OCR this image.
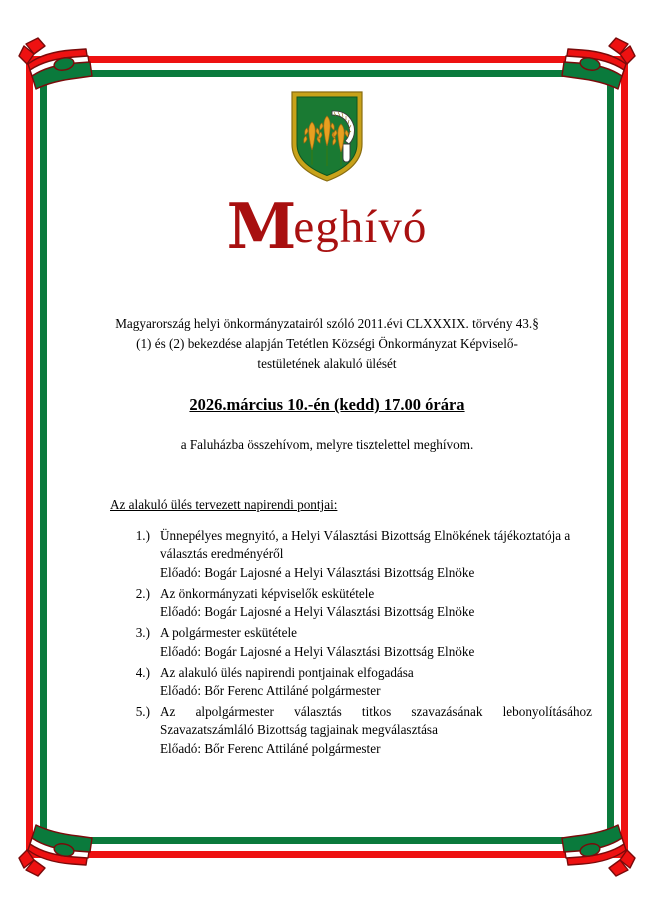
Meghívó
Magyarország helyi önkormányzatairól szóló 2011.évi CLXXXIX. törvény 43.§
(1) és (2) bekezdése alapján Tetétlen Községi Önkormányzat Képviselő-
testületének alakuló ülését
2026.március 10.-én (kedd) 17.00 órára
a Faluházba összehívom, melyre tisztelettel meghívom.
Az alakuló ülés tervezett napirendi pontjai:
1.) Ünnepélyes megnyitó, a Helyi Választási Bizottság Elnökének tájékoztatója a választás eredményéről
Előadó: Bogár Lajosné a Helyi Választási Bizottság Elnöke
2.) Az önkormányzati képviselők eskütétele
Előadó: Bogár Lajosné a Helyi Választási Bizottság Elnöke
3.) A polgármester eskütétele
Előadó: Bogár Lajosné a Helyi Választási Bizottság Elnöke
4.) Az alakuló ülés napirendi pontjainak elfogadása
Előadó: Bőr Ferenc Attiláné polgármester
5.) Az alpolgármester választás titkos szavazásának lebonyolításához Szavazatszámláló Bizottság tagjainak megválasztása
Előadó: Bőr Ferenc Attiláné polgármester
